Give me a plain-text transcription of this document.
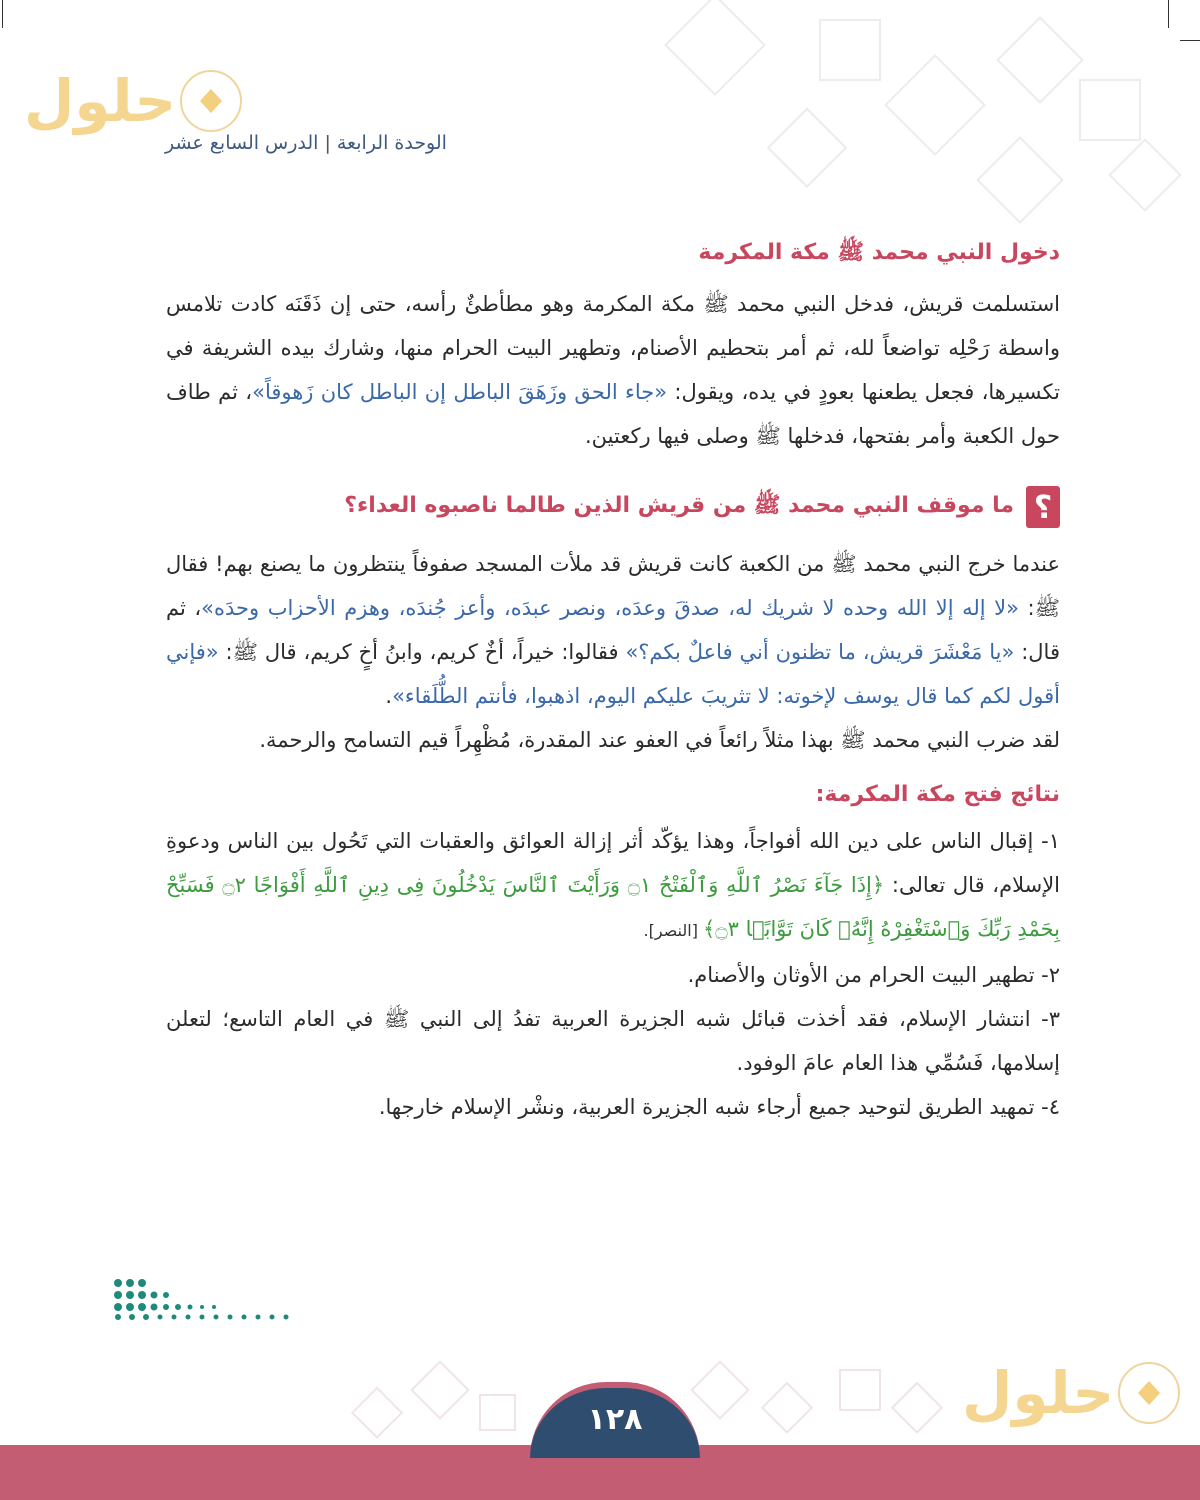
حلول
الوحدة الرابعة|الدرس السابع عشر
دخول النبي محمد ﷺ مكة المكرمة

استسلمت قريش، فدخل النبي محمد ﷺ مكة المكرمة وهو مطأطئٌ رأسه، حتى إن ذَقَنَه كادت تلامس واسطة رَحْلِه تواضعاً لله، ثم أمر بتحطيم الأصنام، وتطهير البيت الحرام منها، وشارك بيده الشريفة في تكسيرها، فجعل يطعنها بعودٍ في يده، ويقول: «جاء الحق وزَهَقَ الباطل إن الباطل كان زَهوقاً»، ثم طاف حول الكعبة وأمر بفتحها، فدخلها ﷺ وصلى فيها ركعتين.

؟
ما موقف النبي محمد ﷺ من قريش الذين طالما ناصبوه العداء؟

عندما خرج النبي محمد ﷺ من الكعبة كانت قريش قد ملأت المسجد صفوفاً ينتظرون ما يصنع بهم! فقال ﷺ: «لا إله إلا الله وحده لا شريك له، صدقَ وعدَه، ونصر عبدَه، وأعز جُندَه، وهزم الأحزاب وحدَه»، ثم قال: «يا مَعْشَرَ قريش، ما تظنون أني فاعلٌ بكم؟» فقالوا: خيراً، أخٌ كريم، وابنُ أخٍ كريم، قال ﷺ: «فإني أقول لكم كما قال يوسف لإخوته: لا تثريبَ عليكم اليوم، اذهبوا، فأنتم الطُّلَقاء».

لقد ضرب النبي محمد ﷺ بهذا مثلاً رائعاً في العفو عند المقدرة، مُظْهِراً قيم التسامح والرحمة.

نتائج فتح مكة المكرمة:

١- إقبال الناس على دين الله أفواجاً، وهذا يؤكّد أثر إزالة العوائق والعقبات التي تَحُول بين الناس ودعوةِ الإسلام، قال تعالى: ﴿إِذَا جَآءَ نَصْرُ ٱللَّهِ وَٱلْفَتْحُ ۝١ وَرَأَيْتَ ٱلنَّاسَ يَدْخُلُونَ فِى دِينِ ٱللَّهِ أَفْوَاجًا ۝٢ فَسَبِّحْ بِحَمْدِ رَبِّكَ وَٱسْتَغْفِرْهُ إِنَّهُۥ كَانَ تَوَّابًۢا ۝٣﴾ [النصر].

٢- تطهير البيت الحرام من الأوثان والأصنام.

٣- انتشار الإسلام، فقد أخذت قبائل شبه الجزيرة العربية تفدُ إلى النبي ﷺ في العام التاسع؛ لتعلن إسلامها، فَسُمِّي هذا العام عامَ الوفود.

٤- تمهيد الطريق لتوحيد جميع أرجاء شبه الجزيرة العربية، ونشْر الإسلام خارجها.

حلول
١٢٨
